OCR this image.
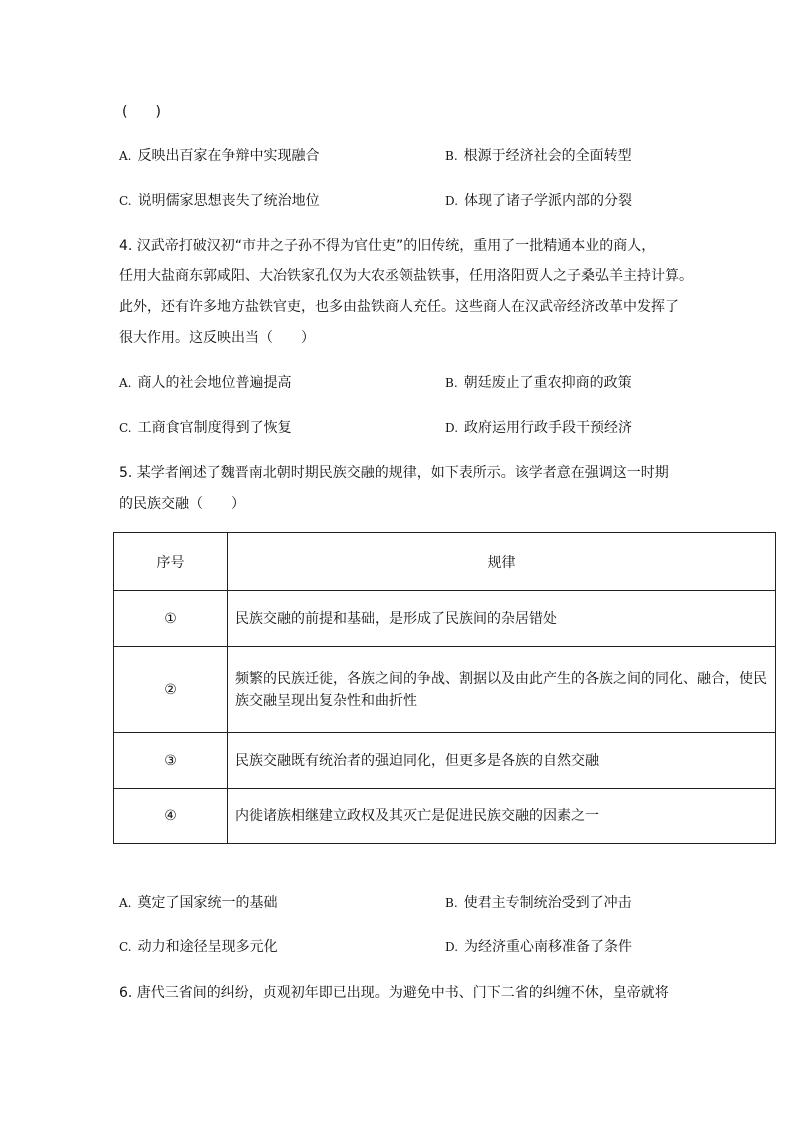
(　　)
A. 反映出百家在争辩中实现融合	B. 根源于经济社会的全面转型
C. 说明儒家思想丧失了统治地位	D. 体现了诸子学派内部的分裂
4. 汉武帝打破汉初“市井之子孙不得为官仕吏”的旧传统，重用了一批精通本业的商人，
任用大盐商东郭咸阳、大冶铁家孔仅为大农丞领盐铁事，任用洛阳贾人之子桑弘羊主持计算。
此外，还有许多地方盐铁官吏，也多由盐铁商人充任。这些商人在汉武帝经济改革中发挥了
很大作用。这反映出当（　　）
A. 商人的社会地位普遍提高	B. 朝廷废止了重农抑商的政策
C. 工商食官制度得到了恢复	D. 政府运用行政手段干预经济
5. 某学者阐述了魏晋南北朝时期民族交融的规律，如下表所示。该学者意在强调这一时期
的民族交融（　　）
序号	规律
①	民族交融的前提和基础，是形成了民族间的杂居错处
②	频繁的民族迁徙，各族之间的争战、割据以及由此产生的各族之间的同化、融合，使民族交融呈现出复杂性和曲折性
③	民族交融既有统治者的强迫同化，但更多是各族的自然交融
④	内徙诸族相继建立政权及其灭亡是促进民族交融的因素之一
A. 奠定了国家统一的基础	B. 使君主专制统治受到了冲击
C. 动力和途径呈现多元化	D. 为经济重心南移准备了条件
6. 唐代三省间的纠纷，贞观初年即已出现。为避免中书、门下二省的纠缠不休，皇帝就将
